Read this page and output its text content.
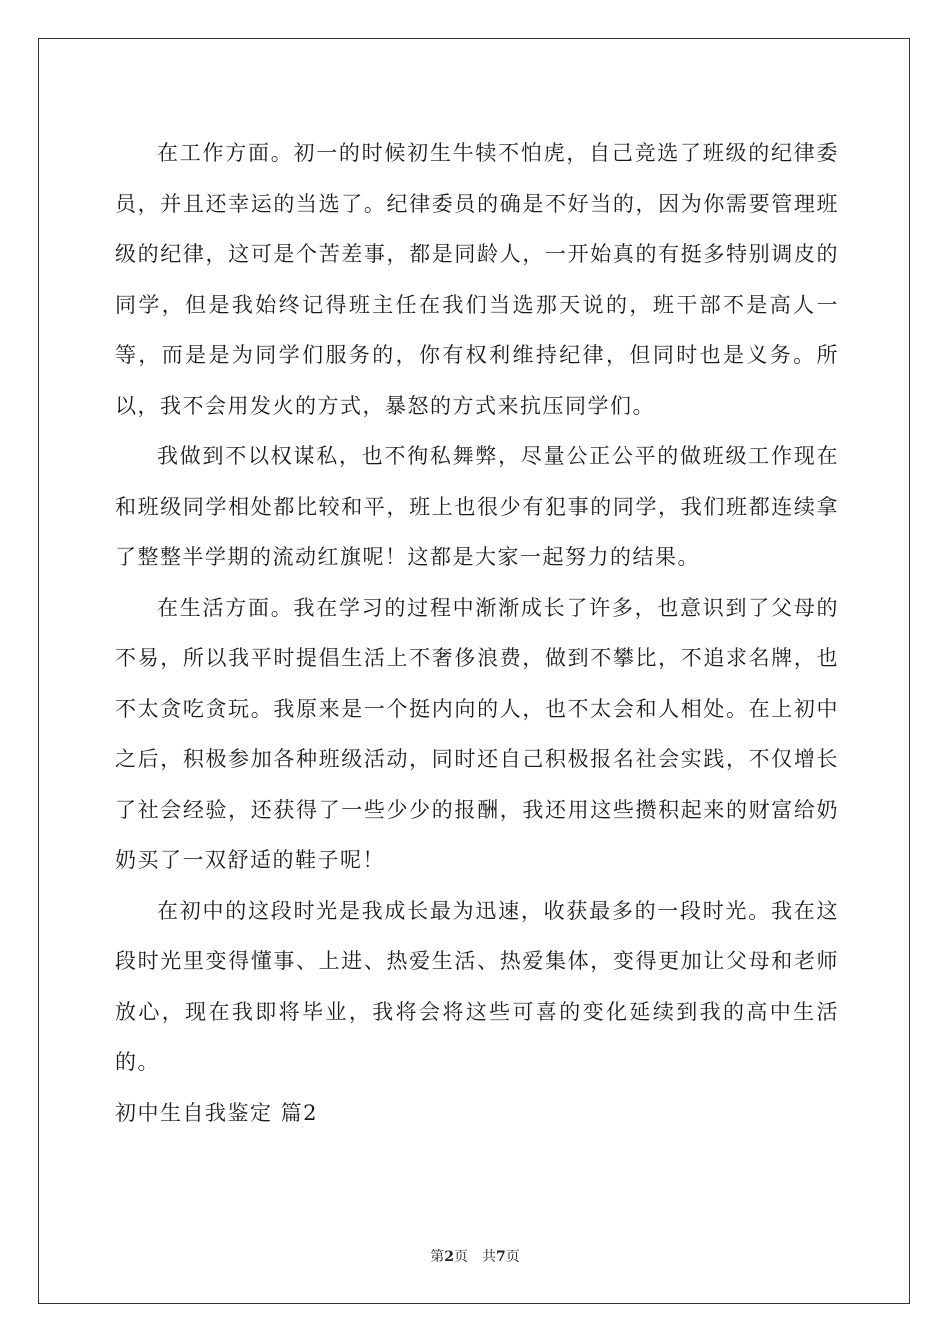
在工作方面。初一的时候初生牛犊不怕虎，自己竞选了班级的纪律委员，并且还幸运的当选了。纪律委员的确是不好当的，因为你需要管理班级的纪律，这可是个苦差事，都是同龄人，一开始真的有挺多特别调皮的同学，但是我始终记得班主任在我们当选那天说的，班干部不是高人一等，而是是为同学们服务的，你有权利维持纪律，但同时也是义务。所以，我不会用发火的方式，暴怒的方式来抗压同学们。

我做到不以权谋私，也不徇私舞弊，尽量公正公平的做班级工作现在和班级同学相处都比较和平，班上也很少有犯事的同学，我们班都连续拿了整整半学期的流动红旗呢！这都是大家一起努力的结果。

在生活方面。我在学习的过程中渐渐成长了许多，也意识到了父母的不易，所以我平时提倡生活上不奢侈浪费，做到不攀比，不追求名牌，也不太贪吃贪玩。我原来是一个挺内向的人，也不太会和人相处。在上初中之后，积极参加各种班级活动，同时还自己积极报名社会实践，不仅增长了社会经验，还获得了一些少少的报酬，我还用这些攒积起来的财富给奶奶买了一双舒适的鞋子呢！

在初中的这段时光是我成长最为迅速，收获最多的一段时光。我在这段时光里变得懂事、上进、热爱生活、热爱集体，变得更加让父母和老师放心，现在我即将毕业，我将会将这些可喜的变化延续到我的高中生活的。

初中生自我鉴定 篇2

第2页 共7页
